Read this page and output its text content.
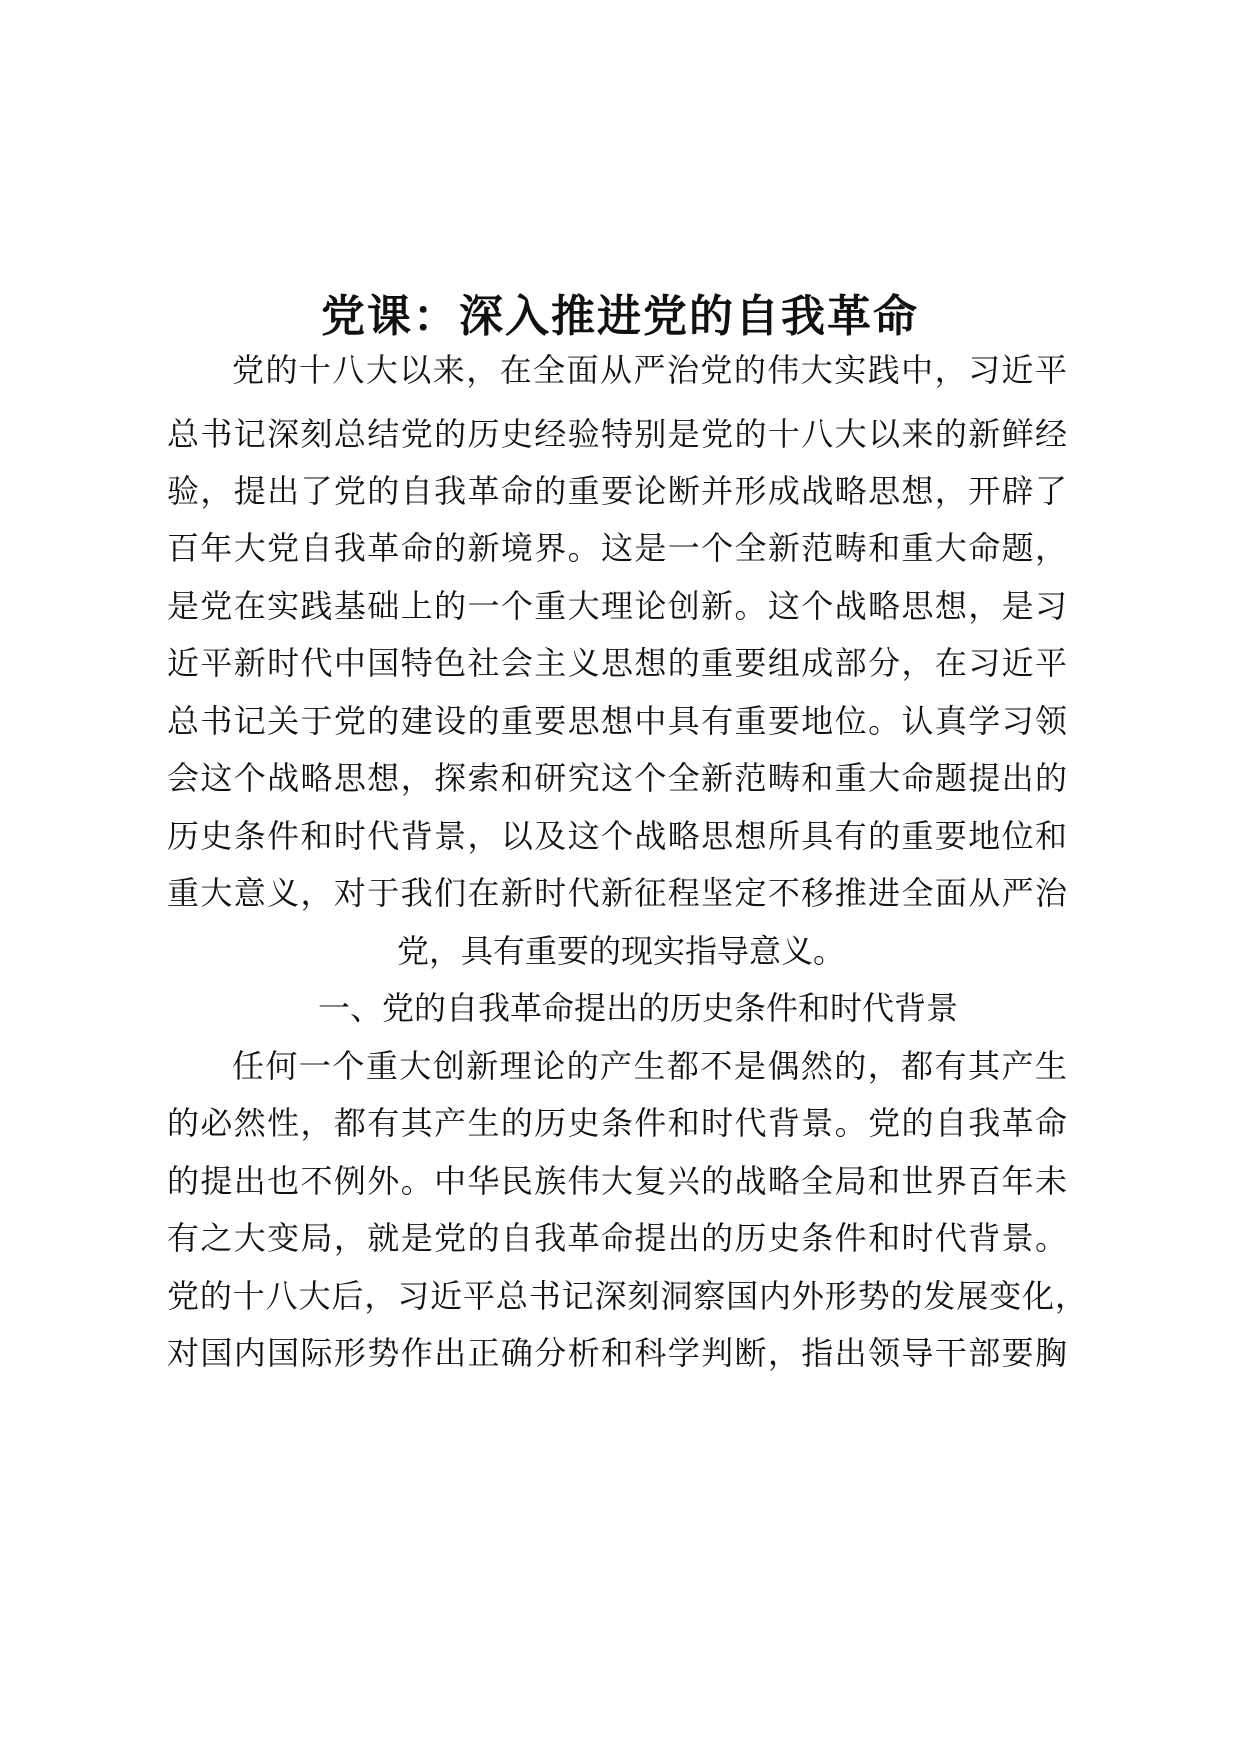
党课：深入推进党的自我革命
党的十八大以来，在全面从严治党的伟大实践中，习近平
总书记深刻总结党的历史经验特别是党的十八大以来的新鲜经
验，提出了党的自我革命的重要论断并形成战略思想，开辟了
百年大党自我革命的新境界。这是一个全新范畴和重大命题，
是党在实践基础上的一个重大理论创新。这个战略思想，是习
近平新时代中国特色社会主义思想的重要组成部分，在习近平
总书记关于党的建设的重要思想中具有重要地位。认真学习领
会这个战略思想，探索和研究这个全新范畴和重大命题提出的
历史条件和时代背景，以及这个战略思想所具有的重要地位和
重大意义，对于我们在新时代新征程坚定不移推进全面从严治
党，具有重要的现实指导意义。
一、党的自我革命提出的历史条件和时代背景
任何一个重大创新理论的产生都不是偶然的，都有其产生
的必然性，都有其产生的历史条件和时代背景。党的自我革命
的提出也不例外。中华民族伟大复兴的战略全局和世界百年未
有之大变局，就是党的自我革命提出的历史条件和时代背景。
党的十八大后，习近平总书记深刻洞察国内外形势的发展变化，
对国内国际形势作出正确分析和科学判断，指出领导干部要胸
